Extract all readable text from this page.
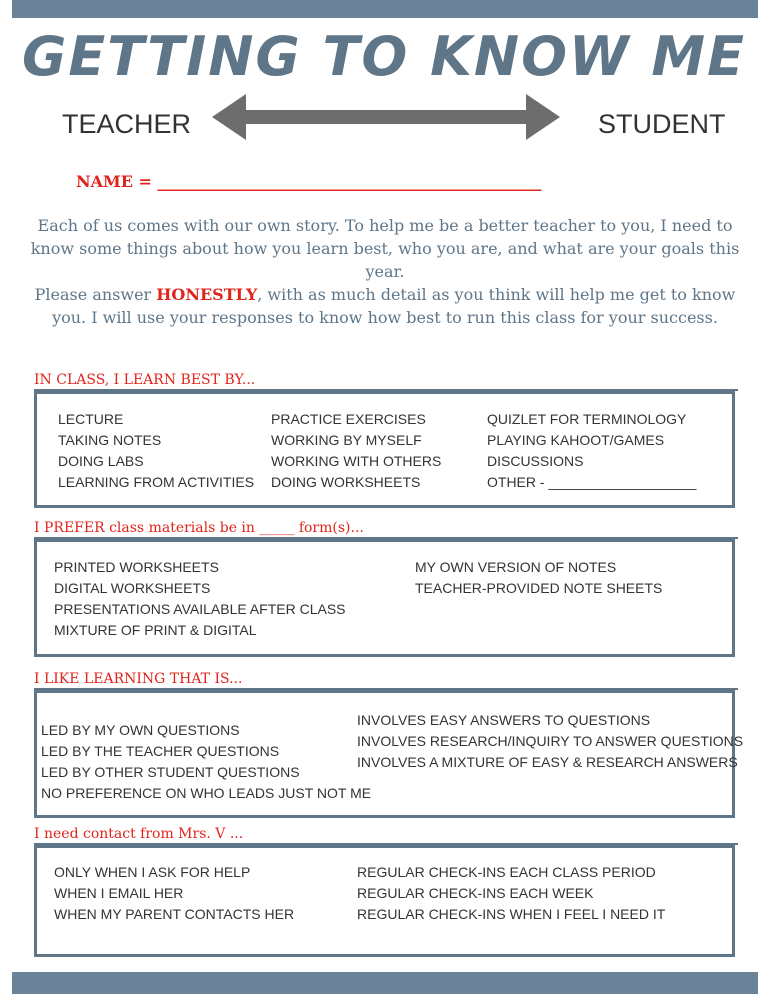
GETTING TO KNOW ME
TEACHER	STUDENT
NAME = ________________________________________________

Each of us comes with our own story. To help me be a better teacher to you, I need to know some things about how you learn best, who you are, and what are your goals this year.

Please answer HONESTLY, with as much detail as you think will help me get to know you. I will use your responses to know how best to run this class for your success.

IN CLASS, I LEARN BEST BY...
LECTURE
TAKING NOTES
DOING LABS
LEARNING FROM ACTIVITIES
PRACTICE EXERCISES
WORKING BY MYSELF
WORKING WITH OTHERS
DOING WORKSHEETS
QUIZLET FOR TERMINOLOGY
PLAYING KAHOOT/GAMES
DISCUSSIONS
OTHER - ___________________
I PREFER class materials be in _____ form(s)...
PRINTED WORKSHEETS
DIGITAL WORKSHEETS
PRESENTATIONS AVAILABLE AFTER CLASS
MIXTURE OF PRINT & DIGITAL
MY OWN VERSION OF NOTES
TEACHER-PROVIDED NOTE SHEETS
I LIKE LEARNING THAT IS...
LED BY MY OWN QUESTIONS
LED BY THE TEACHER QUESTIONS
LED BY OTHER STUDENT QUESTIONS
NO PREFERENCE ON WHO LEADS JUST NOT ME
INVOLVES EASY ANSWERS TO QUESTIONS
INVOLVES RESEARCH/INQUIRY TO ANSWER QUESTIONS
INVOLVES A MIXTURE OF EASY & RESEARCH ANSWERS
I need contact from Mrs. V ...
ONLY WHEN I ASK FOR HELP
WHEN I EMAIL HER
WHEN MY PARENT CONTACTS HER
REGULAR CHECK-INS EACH CLASS PERIOD
REGULAR CHECK-INS EACH WEEK
REGULAR CHECK-INS WHEN I FEEL I NEED IT
